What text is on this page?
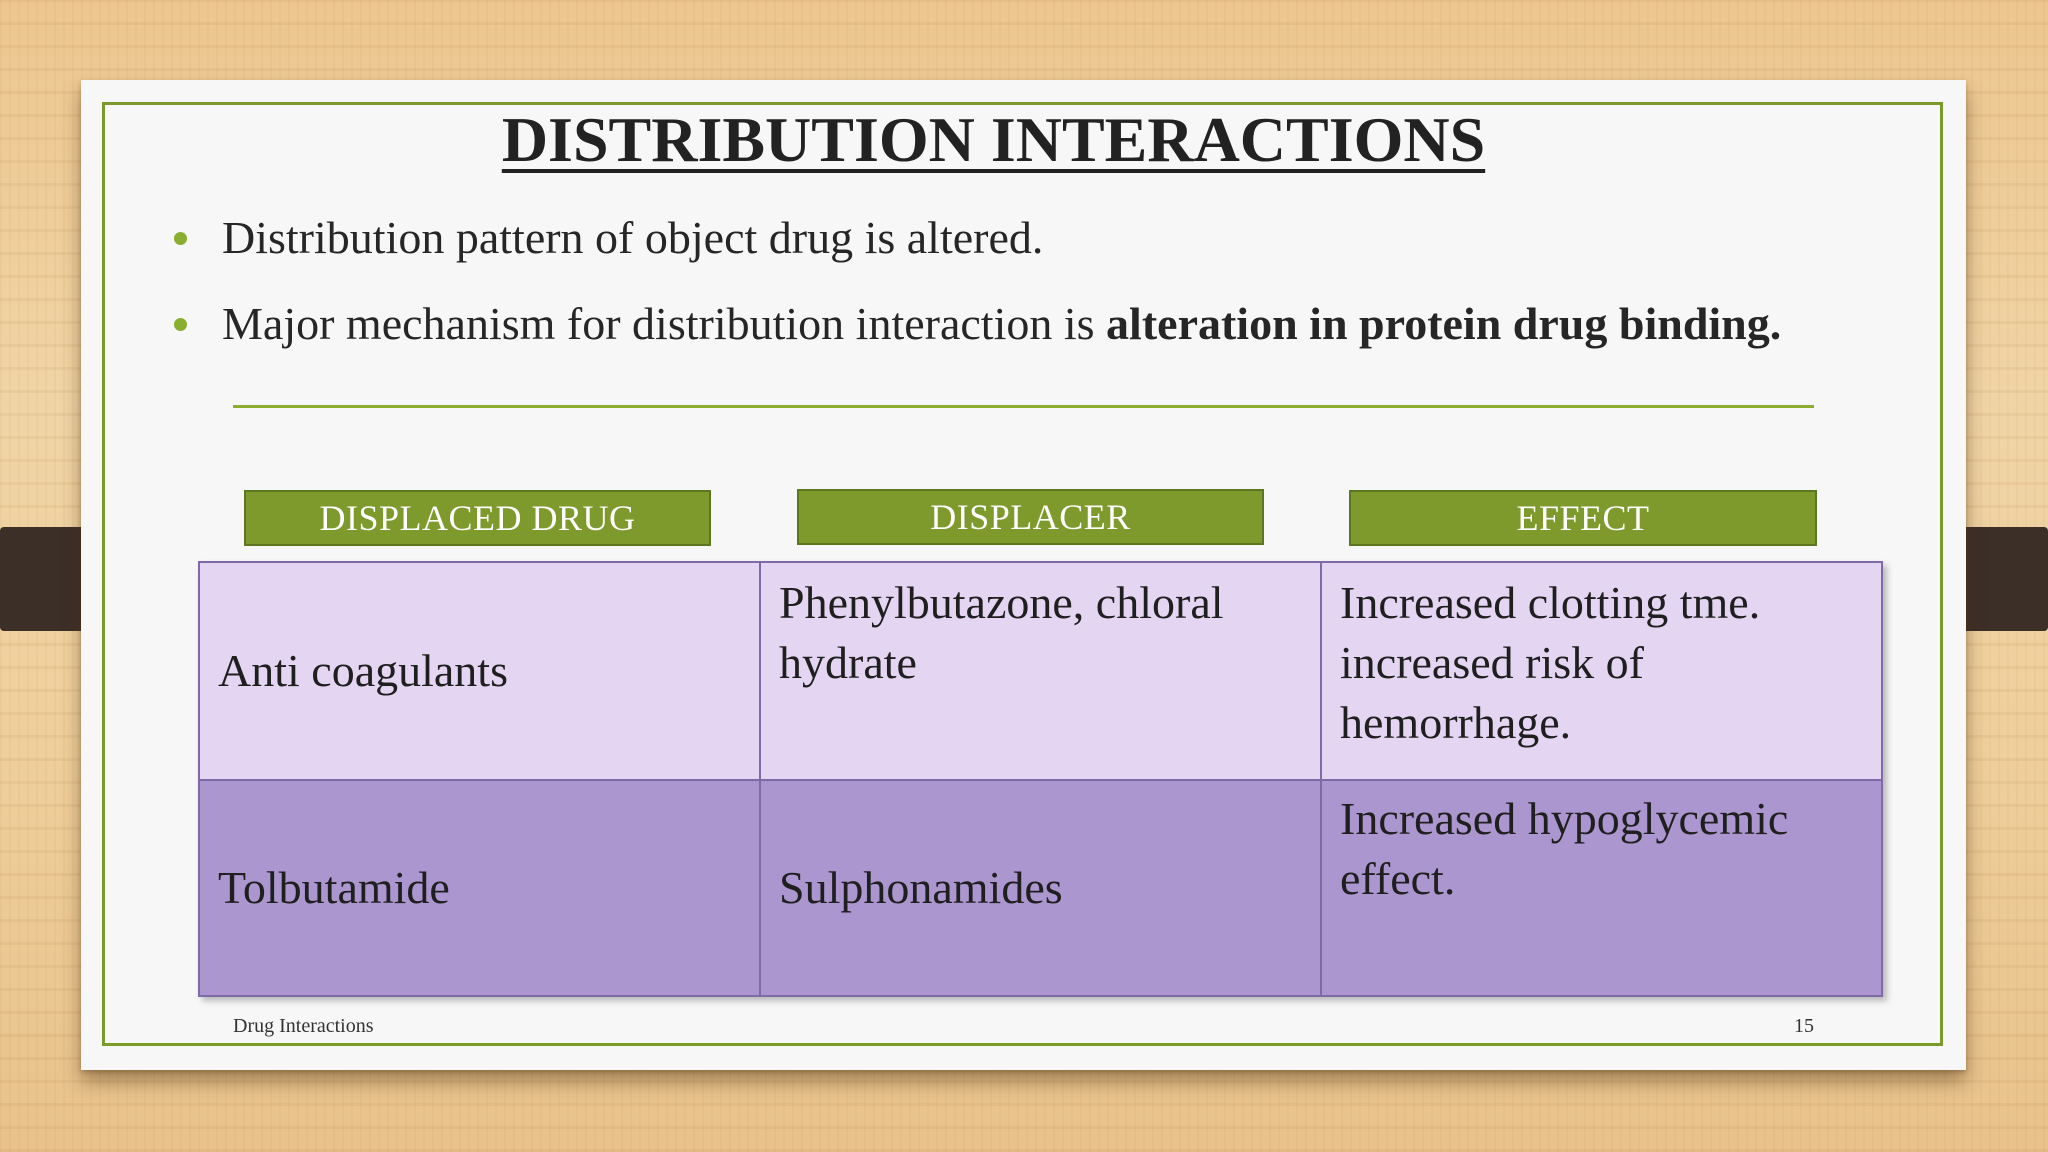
DISTRIBUTION INTERACTIONS
Distribution pattern of object drug is altered.
Major mechanism for distribution interaction is alteration in protein drug binding.
DISPLACED DRUG	DISPLACER	EFFECT
Anti coagulants	Phenylbutazone, chloral hydrate	Increased clotting tme. increased risk of hemorrhage.
Tolbutamide	Sulphonamides	Increased hypoglycemic effect.
Drug Interactions	15
